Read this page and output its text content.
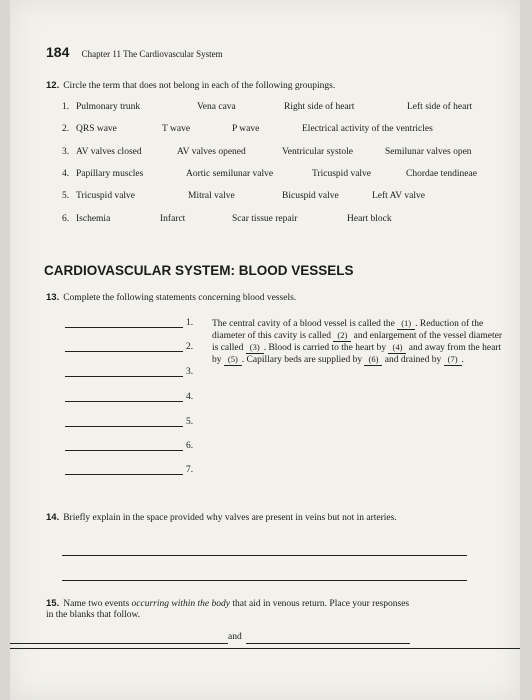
184 Chapter 11 The Cardiovascular System
12. Circle the term that does not belong in each of the following groupings.
1. Pulmonary trunk	Vena cava	Right side of heart	Left side of heart
2. QRS wave	T wave	P wave	Electrical activity of the ventricles
3. AV valves closed	AV valves opened	Ventricular systole	Semilunar valves open
4. Papillary muscles	Aortic semilunar valve	Tricuspid valve	Chordae tendineae
5. Tricuspid valve	Mitral valve	Bicuspid valve	Left AV valve
6. Ischemia	Infarct	Scar tissue repair	Heart block
CARDIOVASCULAR SYSTEM: BLOOD VESSELS
13. Complete the following statements concerning blood vessels.
1.
2.
3.
4.
5.
6.
7.
The central cavity of a blood vessel is called the (1) . Reduction of the diameter of this cavity is called (2) and enlargement of the vessel diameter is called (3) . Blood is carried to the heart by (4) and away from the heart by (5) . Capillary beds are supplied by (6) and drained by (7) .
14. Briefly explain in the space provided why valves are present in veins but not in arteries.
15. Name two events occurring within the body that aid in venous return. Place your responses in the blanks that follow.
and
